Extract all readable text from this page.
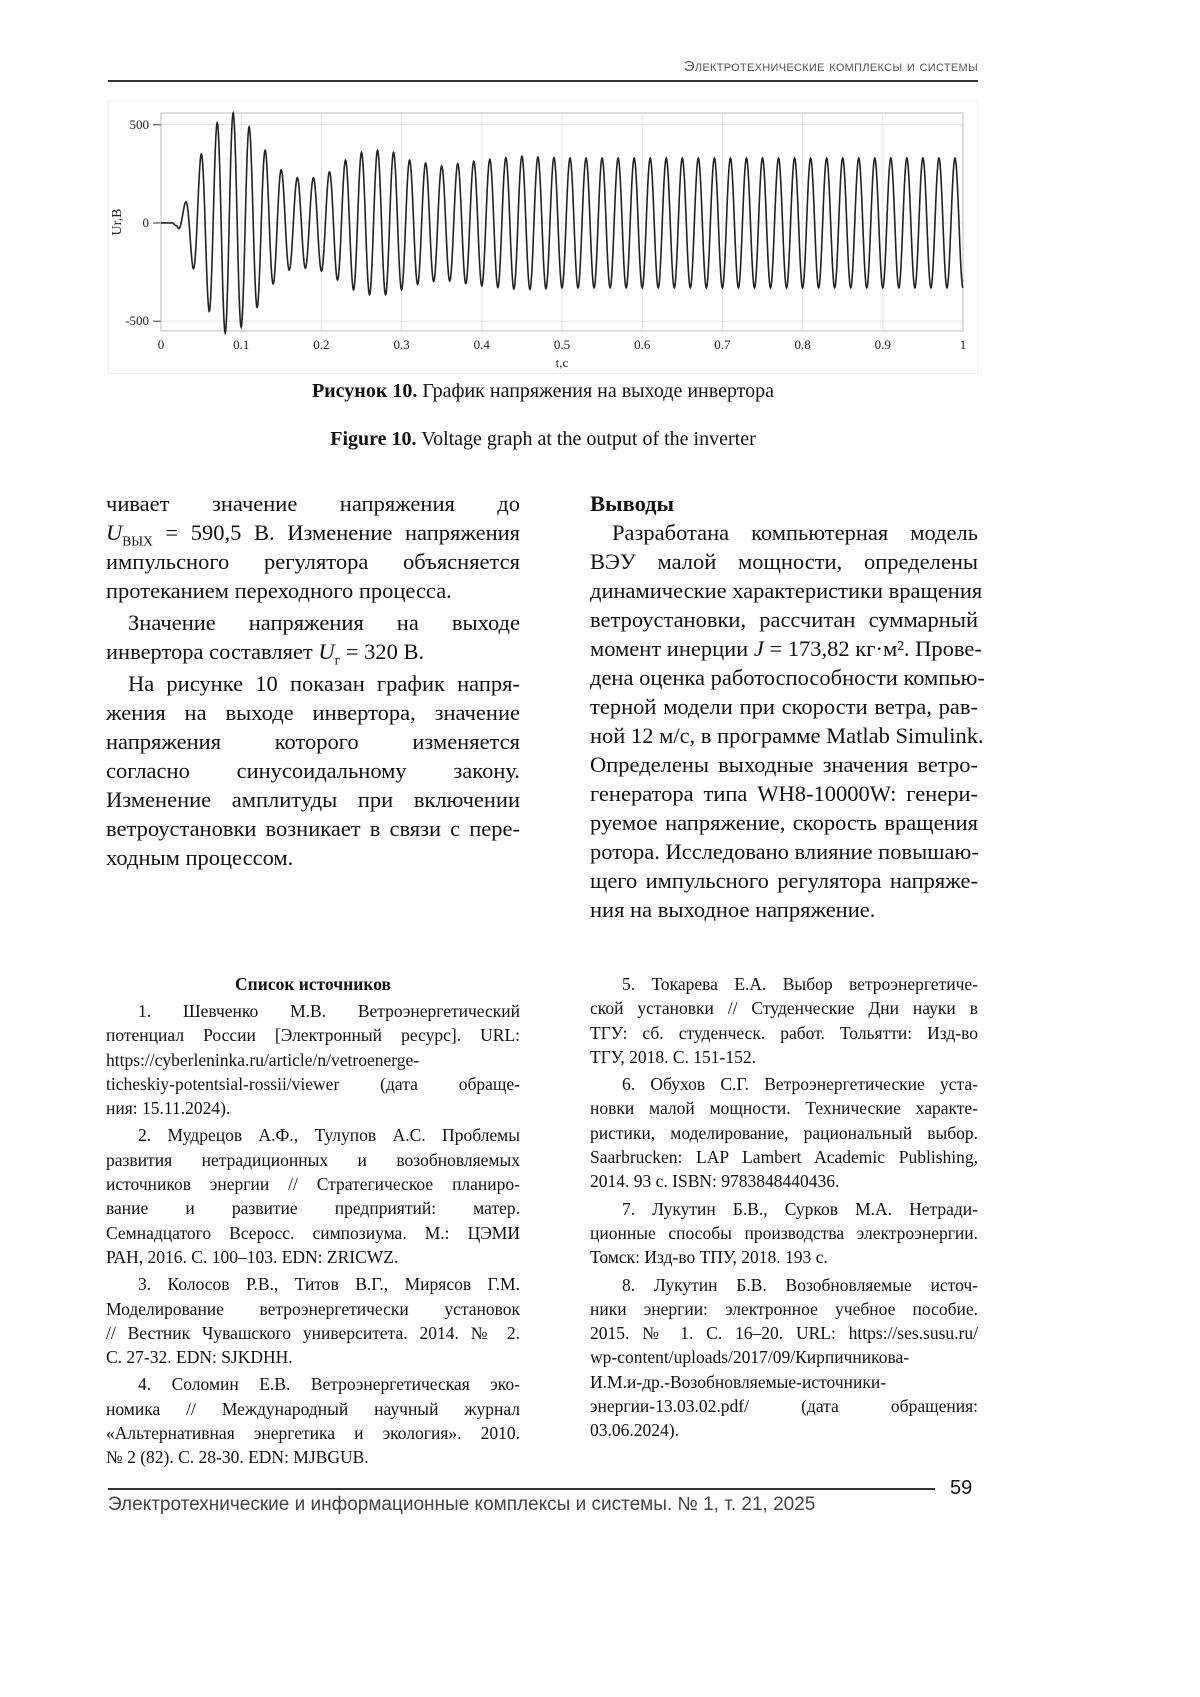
Электротехнические комплексы и системы
0	0.1	0.2	0.3	0.4	0.5	0.6	0.7	0.8	0.9	1
500
0
-500
t,c
Ur,B
Рисунок 10. График напряжения на выходе инвертора
Figure 10. Voltage graph at the output of the inverter
чивает значение напряжения до
UВЫХ = 590,5 В. Изменение напряжения
импульсного регулятора объясняется
протеканием переходного процесса.
Значение напряжения на выходе
инвертора составляет Uг = 320 В.
На рисунке 10 показан график напря-
жения на выходе инвертора, значение
напряжения которого изменяется
согласно синусоидальному закону.
Изменение амплитуды при включении
ветроустановки возникает в связи с пере-
ходным процессом.
Выводы
Разработана компьютерная модель
ВЭУ малой мощности, определены
динамические характеристики вращения
ветроустановки, рассчитан суммарный
момент инерции J = 173,82 кг·м². Прове-
дена оценка работоспособности компью-
терной модели при скорости ветра, рав-
ной 12 м/с, в программе Matlab Simulink.
Определены выходные значения ветро-
генератора типа WH8-10000W: генери-
руемое напряжение, скорость вращения
ротора. Исследовано влияние повышаю-
щего импульсного регулятора напряже-
ния на выходное напряжение.
Список источников
1. Шевченко М.В. Ветроэнергетический
потенциал России [Электронный ресурс]. URL:
https://cyberleninka.ru/article/n/vetroenerge-
ticheskiy-potentsial-rossii/viewer (дата обраще-
ния: 15.11.2024).
2. Мудрецов А.Ф., Тулупов А.С. Проблемы
развития нетрадиционных и возобновляемых
источников энергии // Стратегическое планиро-
вание и развитие предприятий: матер.
Семнадцатого Всеросс. симпозиума. М.: ЦЭМИ
РАН, 2016. С. 100–103. EDN: ZRICWZ.
3. Колосов Р.В., Титов В.Г., Мирясов Г.М.
Моделирование ветроэнергетически установок
// Вестник Чувашского университета. 2014. № 2.
С. 27-32. EDN: SJKDHH.
4. Соломин Е.В. Ветроэнергетическая эко-
номика // Международный научный журнал
«Альтернативная энергетика и экология». 2010.
№ 2 (82). С. 28-30. EDN: MJBGUB.
5. Токарева Е.А. Выбор ветроэнергетиче-
ской установки // Студенческие Дни науки в
ТГУ: сб. студенческ. работ. Тольятти: Изд-во
ТГУ, 2018. С. 151-152.
6. Обухов С.Г. Ветроэнергетические уста-
новки малой мощности. Технические характе-
ристики, моделирование, рациональный выбор.
Saarbrucken: LAP Lambert Academic Publishing,
2014. 93 с. ISBN: 9783848440436.
7. Лукутин Б.В., Сурков М.А. Нетради-
ционные способы производства электроэнергии.
Томск: Изд-во ТПУ, 2018. 193 с.
8. Лукутин Б.В. Возобновляемые источ-
ники энергии: электронное учебное пособие.
2015. № 1. С. 16–20. URL: https://ses.susu.ru/
wp-content/uploads/2017/09/Кирпичникова-
И.М.и-др.-Возобновляемые-источники-
энергии-13.03.02.pdf/ (дата обращения:
03.06.2024).
59
Электротехнические и информационные комплексы и системы. № 1, т. 21, 2025
